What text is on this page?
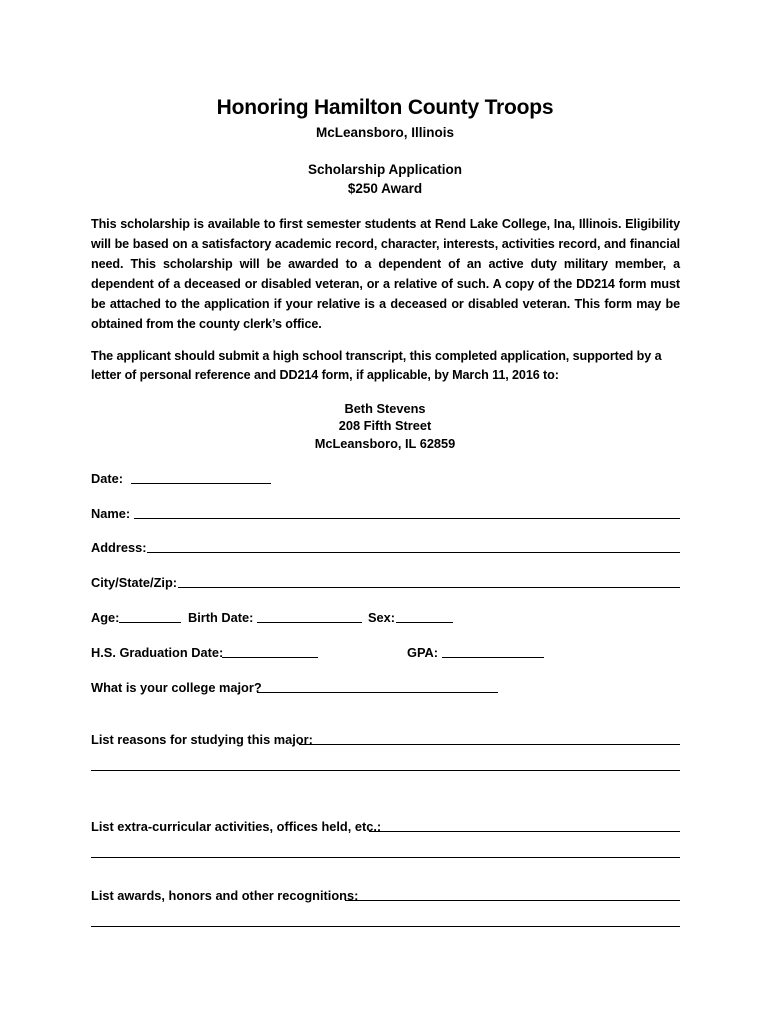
Honoring Hamilton County Troops
McLeansboro, Illinois
Scholarship Application
$250 Award
This scholarship is available to first semester students at Rend Lake College, Ina, Illinois. Eligibility will be based on a satisfactory academic record, character, interests, activities record, and financial need. This scholarship will be awarded to a dependent of an active duty military member, a dependent of a deceased or disabled veteran, or a relative of such. A copy of the DD214 form must be attached to the application if your relative is a deceased or disabled veteran. This form may be obtained from the county clerk’s office.
The applicant should submit a high school transcript, this completed application, supported by a letter of personal reference and DD214 form, if applicable, by March 11, 2016 to:
Beth Stevens
208 Fifth Street
McLeansboro, IL 62859
Date:
Name:
Address:
City/State/Zip:
Age:	Birth Date:	Sex:
H.S. Graduation Date:	GPA:
What is your college major?
List reasons for studying this major:
List extra-curricular activities, offices held, etc.:
List awards, honors and other recognitions:
